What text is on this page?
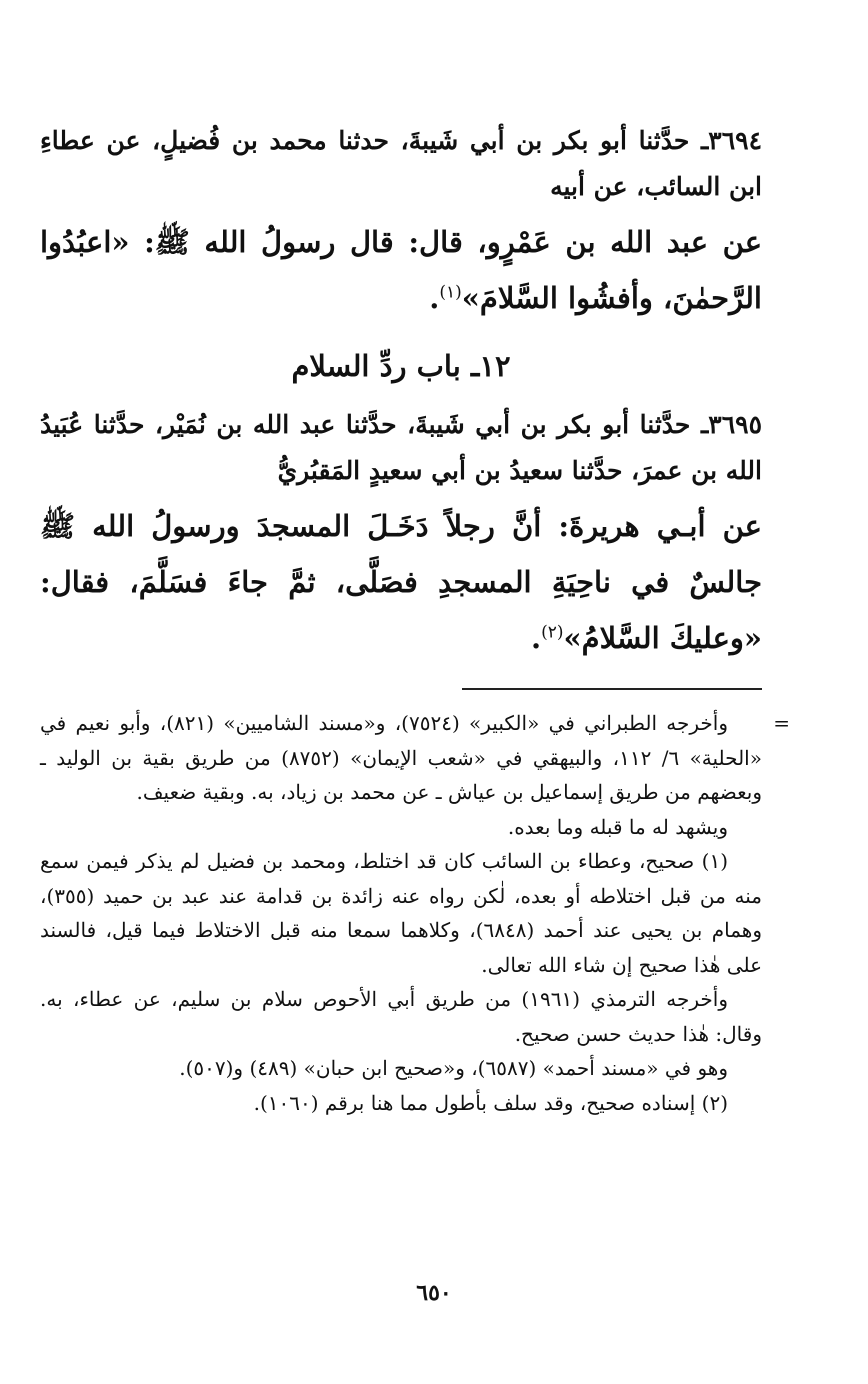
٣٦٩٤ـ حدَّثنا أبو بكر بن أبي شَيبةَ، حدثنا محمد بن فُضيلٍ، عن عطاءِ ابن السائب، عن أبيه

عن عبد الله بن عَمْرٍو، قال: قال رسولُ الله ﷺ: «اعبُدُوا الرَّحمٰنَ، وأفشُوا السَّلامَ»$^{(١)}$.

١٢ـ باب ردِّ السلام

٣٦٩٥ـ حدَّثنا أبو بكر بن أبي شَيبةَ، حدَّثنا عبد الله بن نُمَيْر، حدَّثنا عُبَيدُ الله بن عمرَ، حدَّثنا سعيدُ بن أبي سعيدٍ المَقبُريُّ

عن أبـي هريرةَ: أنَّ رجلاً دَخَـلَ المسجدَ ورسولُ الله ﷺ جالسٌ في ناحِيَةِ المسجدِ فصَلَّى، ثمَّ جاءَ فسَلَّمَ، فقال: «وعليكَ السَّلامُ»$^{(٢)}$.

=

وأخرجه الطبراني في «الكبير» (٧٥٢٤)، و«مسند الشاميين» (٨٢١)، وأبو نعيم في «الحلية» ٦/ ١١٢، والبيهقي في «شعب الإيمان» (٨٧٥٢) من طريق بقية بن الوليد ـ وبعضهم من طريق إسماعيل بن عياش ـ عن محمد بن زياد، به. وبقية ضعيف.

ويشهد له ما قبله وما بعده.

(١) صحيح، وعطاء بن السائب كان قد اختلط، ومحمد بن فضيل لم يذكر فيمن سمع منه من قبل اختلاطه أو بعده، لٰكن رواه عنه زائدة بن قدامة عند عبد بن حميد (٣٥٥)، وهمام بن يحيى عند أحمد (٦٨٤٨)، وكلاهما سمعا منه قبل الاختلاط فيما قيل، فالسند على هٰذا صحيح إن شاء الله تعالى.

وأخرجه الترمذي (١٩٦١) من طريق أبي الأحوص سلام بن سليم، عن عطاء، به. وقال: هٰذا حديث حسن صحيح.

وهو في «مسند أحمد» (٦٥٨٧)، و«صحيح ابن حبان» (٤٨٩) و(٥٠٧).

(٢) إسناده صحيح، وقد سلف بأطول مما هنا برقم (١٠٦٠).

٦٥٠
